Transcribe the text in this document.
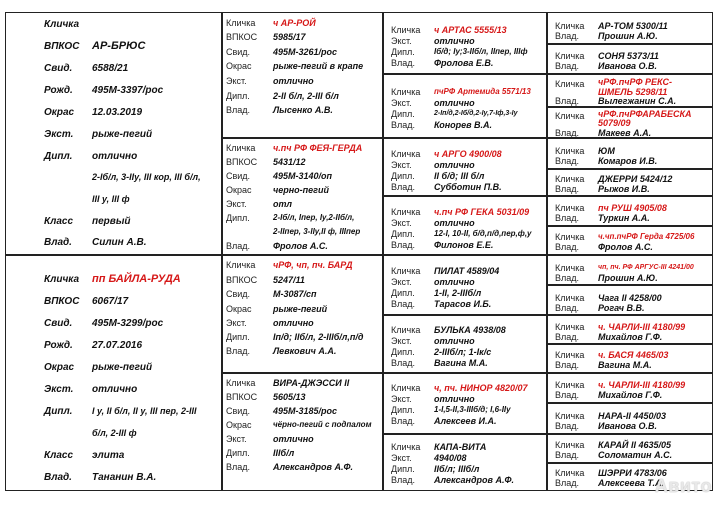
Кличка
ВПКОС АР-БРЮС
Свид. 6588/21
Рожд. 495М-3397/рос
Окрас 12.03.2019
Экст. рыже-пегий
Дипл. отлично
2-Iб/л, 3-IIу, III кор, III б/л,
III у, III ф
Класс первый
Влад. Силин А.В.
Кличка пп БАЙЛА-РУДА
ВПКОС 6067/17
Свид. 495М-3299/рос
Рожд. 27.07.2016
Окрас рыже-пегий
Экст. отлично
Дипл. I у, II б/л, II у, III пер, 2-III
б/л, 2-III ф
Класс элита
Влад. Тананин В.А.
Кличка ч АР-РОЙ
ВПКОС 5985/17
Свид.	495М-3261/рос
Окрас рыже-пегий в крапе
Экст.	отлично
Дипл.	2-II б/л, 2-III б/л
Влад.	Лысенко А.В.
Кличка ч.пч РФ ФЕЯ-ГЕРДА
ВПКОС 5431/12
Свид.	495М-3140/оп
Окрас черно-пегий
Экст.	отл
Дипл.	2-Iб/л, Iпер, Iу,2-IIб/л,
2-IIпер, 3-IIу,II ф, IIIпер
Влад.	Фролов А.С.
Кличка чРФ, чп, пч. БАРД
ВПКОС 5247/11
Свид.	М-3087/сп
Окрас рыже-пегий
Экст.	отлично
Дипл.	Iп/д; IIб/л, 2-IIIб/л,п/д
Влад.	Левкович А.А.
Кличка ВИРА-ДЖЭССИ II
ВПКОС 5605/13
Свид.	495М-3185/рос
Окрас	чёрно-пегий с подпалом
Экст.	отлично
Дипл.	IIIб/л
Влад.	Александров А.Ф.
Кличка ч АРТАС 5555/13
Экст. отлично
Дипл. Iб/д; Iу;3-IIб/л, IIпер, IIIф
Влад. Фролова Е.В.
Кличка пчРФ Артемида 5571/13
Экст. отлично
Дипл.	2-Iп/д,2-Iб/д,2-Iу,7-Iф,3-Iу
Влад. Конорев В.А.
Кличка ч АРГО 4900/08
Экст. отлично
Дипл. II б/д; III б/л
Влад. Субботин П.В.
Кличка ч.пч РФ ГЕКА 5031/09
Экст. отлично
Дипл. 12-I, 10-II, б/д,п/д,пер,ф,у
Влад. Филонов Е.Е.
Кличка ПИЛАТ 4589/04
Экст. отлично
Дипл. 1-II, 2-IIIб/л
Влад. Тарасов И.Б.
Кличка БУЛЬКА 4938/08
Экст. отлично
Дипл. 2-IIIб/л; 1-Iк/с
Влад. Вагина М.А.
Кличка ч, пч. НИНОР 4820/07
Экст. отлично
Дипл. 1-I,5-II,3-IIIб/д; I,6-IIу
Влад. Алексеев И.А.
Кличка КАПА-ВИТА
Экст. 4940/08
Дипл. IIб/л; IIIб/л
Влад. Александров А.Ф.
Кличка АР-ТОМ 5300/11
Влад. Прошин А.Ю.
Кличка СОНЯ 5373/11
Влад. Иванова О.В.
Кличка чРФ.пчРФ РЕКС-
ШМЕЛЬ 5298/11
Влад. Вылегжанин С.А.
Кличка чРФ.пчРФАРАБЕСКА
5079/09
Влад. Макеев А.А.
Кличка ЮМ
Влад. Комаров И.В.
Кличка ДЖЕРРИ 5424/12
Влад. Рыжов И.В.
Кличка пч РУШ 4905/08
Влад. Туркин А.А.
Кличка ч.чп.пчРФ Герда 4725/06
Влад. Фролов А.С.
Кличка чп, пч. РФ АРГУС-III 4241/00
Влад. Прошин А.Ю.
Кличка Чага II 4258/00
Влад. Рогач В.В.
Кличка ч. ЧАРЛИ-III 4180/99
Влад. Михайлов Г.Ф.
Кличка ч. БАСЯ 4465/03
Влад. Вагина М.А.
Кличка ч. ЧАРЛИ-III 4180/99
Влад. Михайлов Г.Ф.
Кличка НАРА-II 4450/03
Влад. Иванова О.В.
Кличка КАРАЙ II 4635/05
Влад. Соломатин А.С.
Кличка ШЭРРИ 4783/06
Влад. Алексеева Т.А.
Авито
